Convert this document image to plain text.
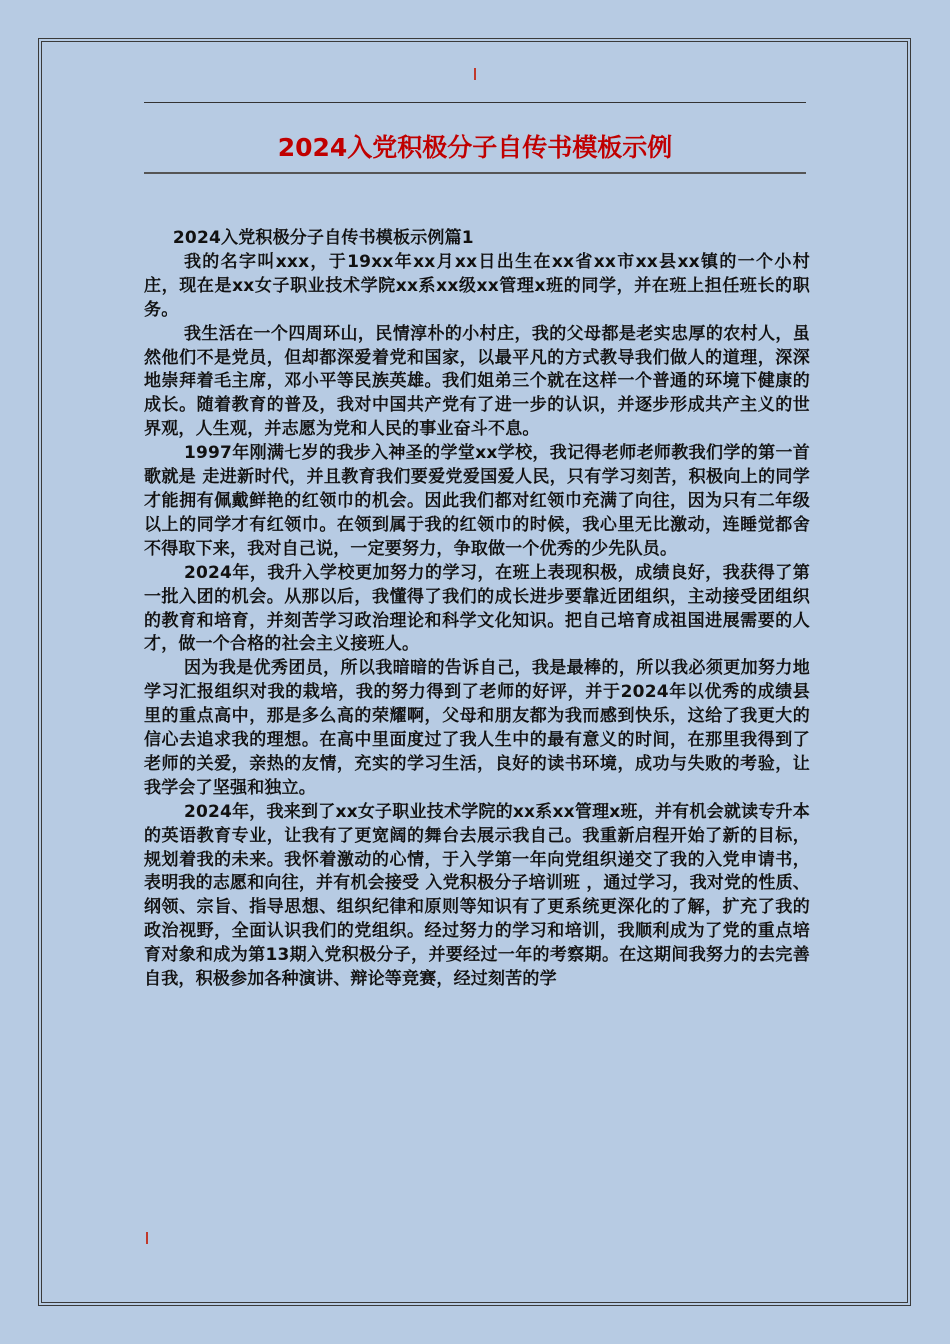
2024入党积极分子自传书模板示例

2024入党积极分子自传书模板示例篇1

我的名字叫xxx，于19xx年xx月xx日出生在xx省xx市xx县xx镇的一个小村庄，现在是xx女子职业技术学院xx系xx级xx管理x班的同学，并在班上担任班长的职务。

我生活在一个四周环山，民情淳朴的小村庄，我的父母都是老实忠厚的农村人，虽然他们不是党员，但却都深爱着党和国家，以最平凡的方式教导我们做人的道理，深深地崇拜着毛主席，邓小平等民族英雄。我们姐弟三个就在这样一个普通的环境下健康的成长。随着教育的普及，我对中国共产党有了进一步的认识，并逐步形成共产主义的世界观，人生观，并志愿为党和人民的事业奋斗不息。

1997年刚满七岁的我步入神圣的学堂xx学校，我记得老师老师教我们学的第一首歌就是 走进新时代，并且教育我们要爱党爱国爱人民，只有学习刻苦，积极向上的同学才能拥有佩戴鲜艳的红领巾的机会。因此我们都对红领巾充满了向往，因为只有二年级以上的同学才有红领巾。在领到属于我的红领巾的时候，我心里无比激动，连睡觉都舍不得取下来，我对自己说，一定要努力，争取做一个优秀的少先队员。

2024年，我升入学校更加努力的学习，在班上表现积极，成绩良好，我获得了第一批入团的机会。从那以后，我懂得了我们的成长进步要靠近团组织，主动接受团组织的教育和培育，并刻苦学习政治理论和科学文化知识。把自己培育成祖国进展需要的人才，做一个合格的社会主义接班人。

因为我是优秀团员，所以我暗暗的告诉自己，我是最棒的，所以我必须更加努力地学习汇报组织对我的栽培，我的努力得到了老师的好评，并于2024年以优秀的成绩县里的重点高中，那是多么高的荣耀啊，父母和朋友都为我而感到快乐，这给了我更大的信心去追求我的理想。在高中里面度过了我人生中的最有意义的时间，在那里我得到了老师的关爱，亲热的友情，充实的学习生活，良好的读书环境，成功与失败的考验，让我学会了坚强和独立。

2024年，我来到了xx女子职业技术学院的xx系xx管理x班，并有机会就读专升本的英语教育专业，让我有了更宽阔的舞台去展示我自己。我重新启程开始了新的目标，规划着我的未来。我怀着激动的心情，于入学第一年向党组织递交了我的入党申请书，表明我的志愿和向往，并有机会接受 入党积极分子培训班 ，通过学习，我对党的性质、纲领、宗旨、指导思想、组织纪律和原则等知识有了更系统更深化的了解，扩充了我的政治视野，全面认识我们的党组织。经过努力的学习和培训，我顺利成为了党的重点培育对象和成为第13期入党积极分子，并要经过一年的考察期。在这期间我努力的去完善自我，积极参加各种演讲、辩论等竞赛，经过刻苦的学
